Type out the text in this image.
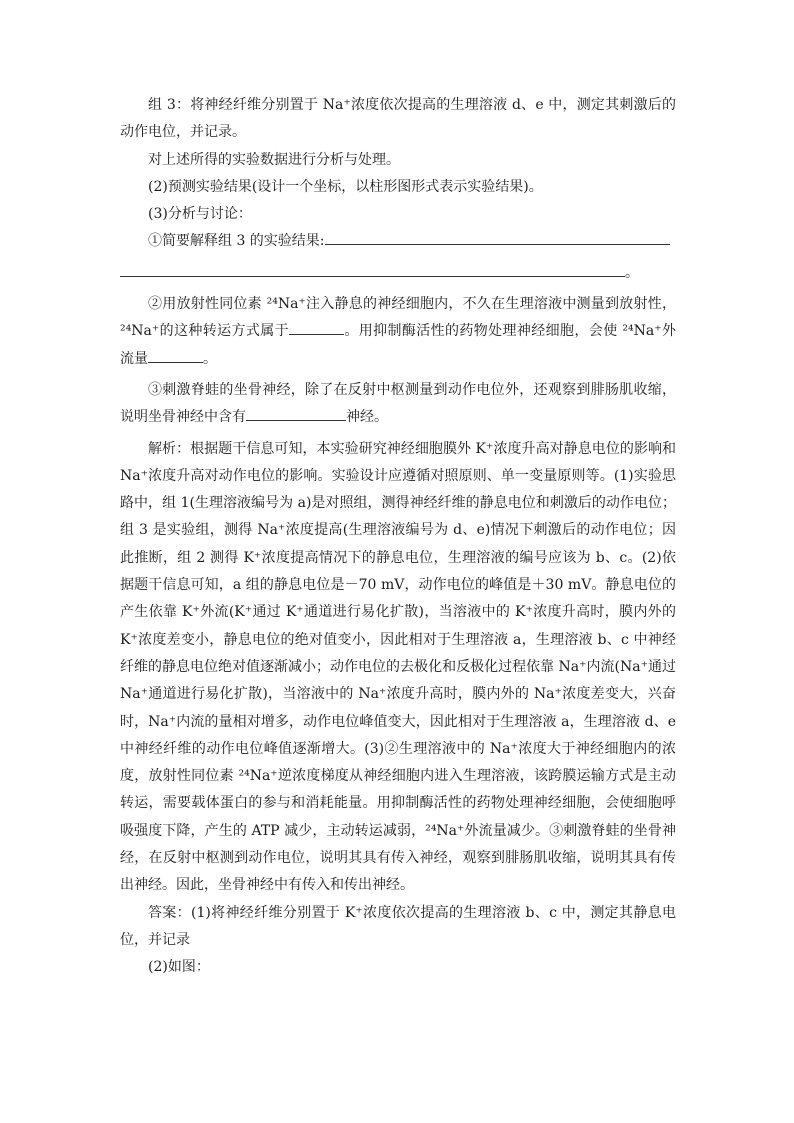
组 3：将神经纤维分别置于 Na⁺浓度依次提高的生理溶液 d、e 中，测定其刺激后的动作电位，并记录。

对上述所得的实验数据进行分析与处理。

(2)预测实验结果(设计一个坐标，以柱形图形式表示实验结果)。

(3)分析与讨论：

①简要解释组 3 的实验结果:

。

②用放射性同位素 ²⁴Na⁺注入静息的神经细胞内，不久在生理溶液中测量到放射性，²⁴Na⁺的这种转运方式属于	。用抑制酶活性的药物处理神经细胞，会使 ²⁴Na⁺外流量	。

③刺激脊蛙的坐骨神经，除了在反射中枢测量到动作电位外，还观察到腓肠肌收缩，说明坐骨神经中含有	神经。

解析：根据题干信息可知，本实验研究神经细胞膜外 K⁺浓度升高对静息电位的影响和 Na⁺浓度升高对动作电位的影响。实验设计应遵循对照原则、单一变量原则等。(1)实验思路中，组 1(生理溶液编号为 a)是对照组，测得神经纤维的静息电位和刺激后的动作电位；组 3 是实验组，测得 Na⁺浓度提高(生理溶液编号为 d、e)情况下刺激后的动作电位；因此推断，组 2 测得 K⁺浓度提高情况下的静息电位，生理溶液的编号应该为 b、c。(2)依据题干信息可知，a 组的静息电位是－70 mV，动作电位的峰值是＋30 mV。静息电位的产生依靠 K⁺外流(K⁺通过 K⁺通道进行易化扩散)，当溶液中的 K⁺浓度升高时，膜内外的 K⁺浓度差变小，静息电位的绝对值变小，因此相对于生理溶液 a，生理溶液 b、c 中神经纤维的静息电位绝对值逐渐减小；动作电位的去极化和反极化过程依靠 Na⁺内流(Na⁺通过 Na⁺通道进行易化扩散)，当溶液中的 Na⁺浓度升高时，膜内外的 Na⁺浓度差变大，兴奋时，Na⁺内流的量相对增多，动作电位峰值变大，因此相对于生理溶液 a，生理溶液 d、e 中神经纤维的动作电位峰值逐渐增大。(3)②生理溶液中的 Na⁺浓度大于神经细胞内的浓度，放射性同位素 ²⁴Na⁺逆浓度梯度从神经细胞内进入生理溶液，该跨膜运输方式是主动转运，需要载体蛋白的参与和消耗能量。用抑制酶活性的药物处理神经细胞，会使细胞呼吸强度下降，产生的 ATP 减少，主动转运减弱，²⁴Na⁺外流量减少。③刺激脊蛙的坐骨神经，在反射中枢测到动作电位，说明其具有传入神经，观察到腓肠肌收缩，说明其具有传出神经。因此，坐骨神经中有传入和传出神经。

答案：(1)将神经纤维分别置于 K⁺浓度依次提高的生理溶液 b、c 中，测定其静息电位，并记录

(2)如图：
